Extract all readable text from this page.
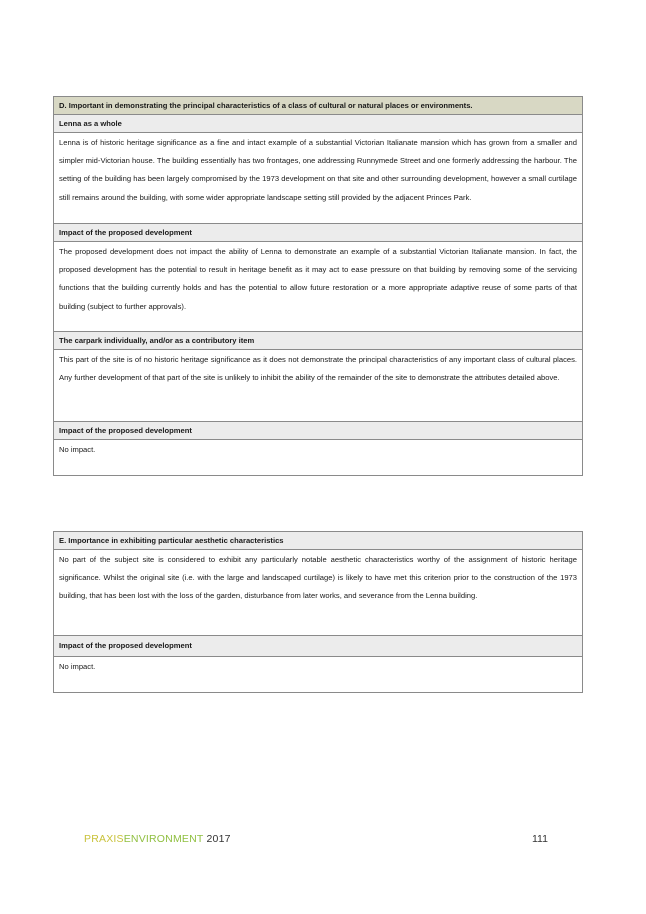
D. Important in demonstrating the principal characteristics of a class of cultural or natural places or environments.
Lenna as a whole
Lenna is of historic heritage significance as a fine and intact example of a substantial Victorian Italianate mansion which has grown from a smaller and simpler mid-Victorian house. The building essentially has two frontages, one addressing Runnymede Street and one formerly addressing the harbour. The setting of the building has been largely compromised by the 1973 development on that site and other surrounding development, however a small curtilage still remains around the building, with some wider appropriate landscape setting still provided by the adjacent Princes Park.
Impact of the proposed development
The proposed development does not impact the ability of Lenna to demonstrate an example of a substantial Victorian Italianate mansion. In fact, the proposed development has the potential to result in heritage benefit as it may act to ease pressure on that building by removing some of the servicing functions that the building currently holds and has the potential to allow future restoration or a more appropriate adaptive reuse of some parts of that building (subject to further approvals).
The carpark individually, and/or as a contributory item
This part of the site is of no historic heritage significance as it does not demonstrate the principal characteristics of any important class of cultural places. Any further development of that part of the site is unlikely to inhibit the ability of the remainder of the site to demonstrate the attributes detailed above.
Impact of the proposed development
No impact.
E. Importance in exhibiting particular aesthetic characteristics
No part of the subject site is considered to exhibit any particularly notable aesthetic characteristics worthy of the assignment of historic heritage significance. Whilst the original site (i.e. with the large and landscaped curtilage) is likely to have met this criterion prior to the construction of the 1973 building, that has been lost with the loss of the garden, disturbance from later works, and severance from the Lenna building.
Impact of the proposed development
No impact.
PRAXISENVIRONMENT 2017	111
